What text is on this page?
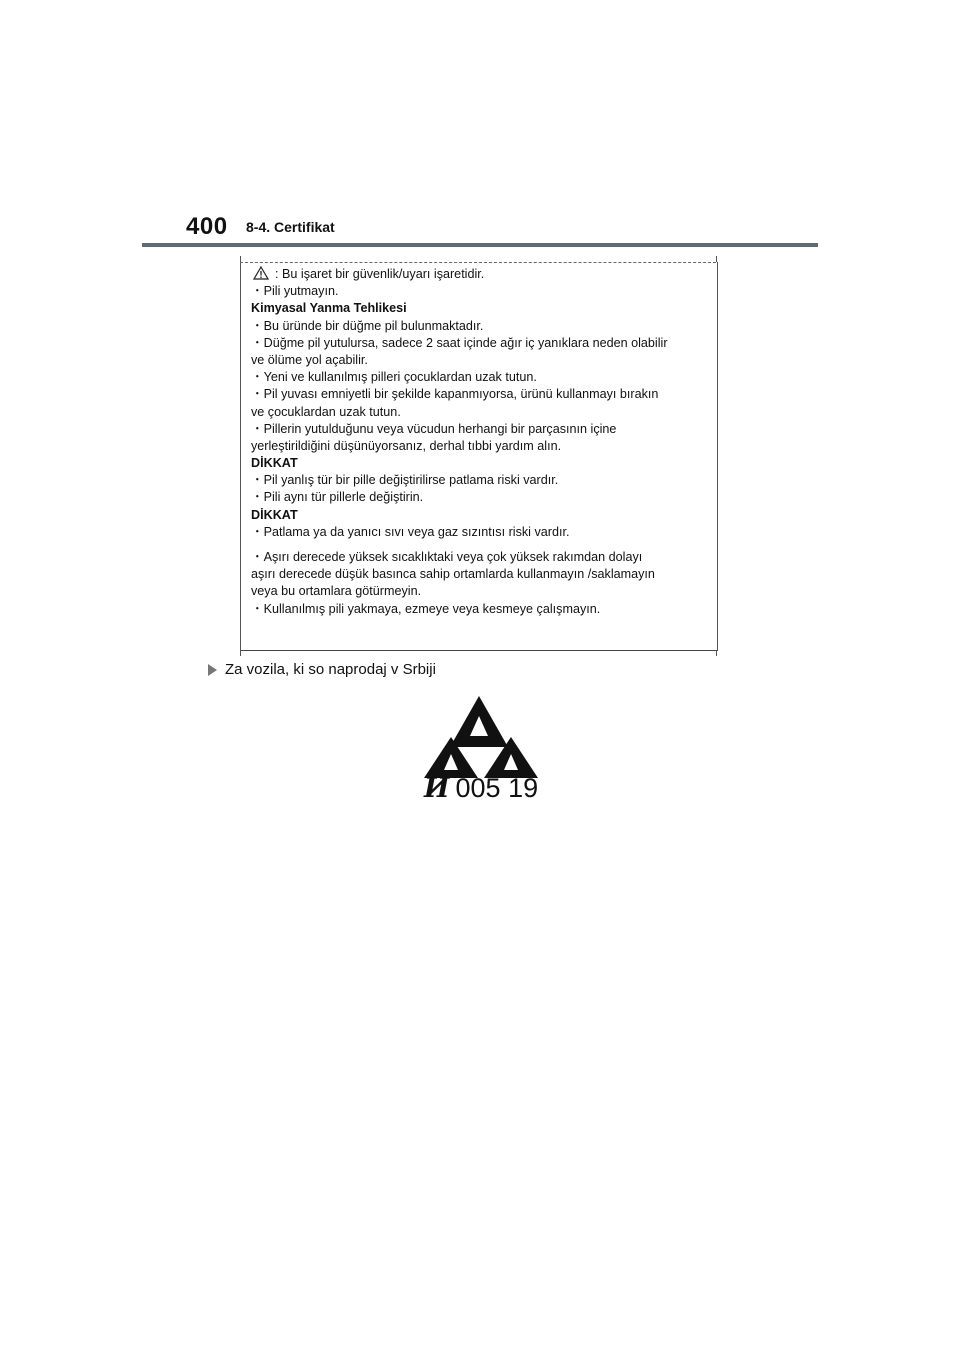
400 8-4. Certifikat
: Bu işaret bir güvenlik/uyarı işaretidir.
・Pili yutmayın.
Kimyasal Yanma Tehlikesi
・Bu üründe bir düğme pil bulunmaktadır.
・Düğme pil yutulursa, sadece 2 saat içinde ağır iç yanıklara neden olabilir
ve ölüme yol açabilir.
・Yeni ve kullanılmış pilleri çocuklardan uzak tutun.
・Pil yuvası emniyetli bir şekilde kapanmıyorsa, ürünü kullanmayı bırakın
ve çocuklardan uzak tutun.
・Pillerin yutulduğunu veya vücudun herhangi bir parçasının içine
yerleştirildiğini düşünüyorsanız, derhal tıbbi yardım alın.
DİKKAT
・Pil yanlış tür bir pille değiştirilirse patlama riski vardır.
・Pili aynı tür pillerle değiştirin.
DİKKAT
・Patlama ya da yanıcı sıvı veya gaz sızıntısı riski vardır.
・Aşırı derecede yüksek sıcaklıktaki veya çok yüksek rakımdan dolayı
aşırı derecede düşük basınca sahip ortamlarda kullanmayın /saklamayın
veya bu ortamlara götürmeyin.
・Kullanılmış pili yakmaya, ezmeye veya kesmeye çalışmayın.
Za vozila, ki so naprodaj v Srbiji
И 005 19
